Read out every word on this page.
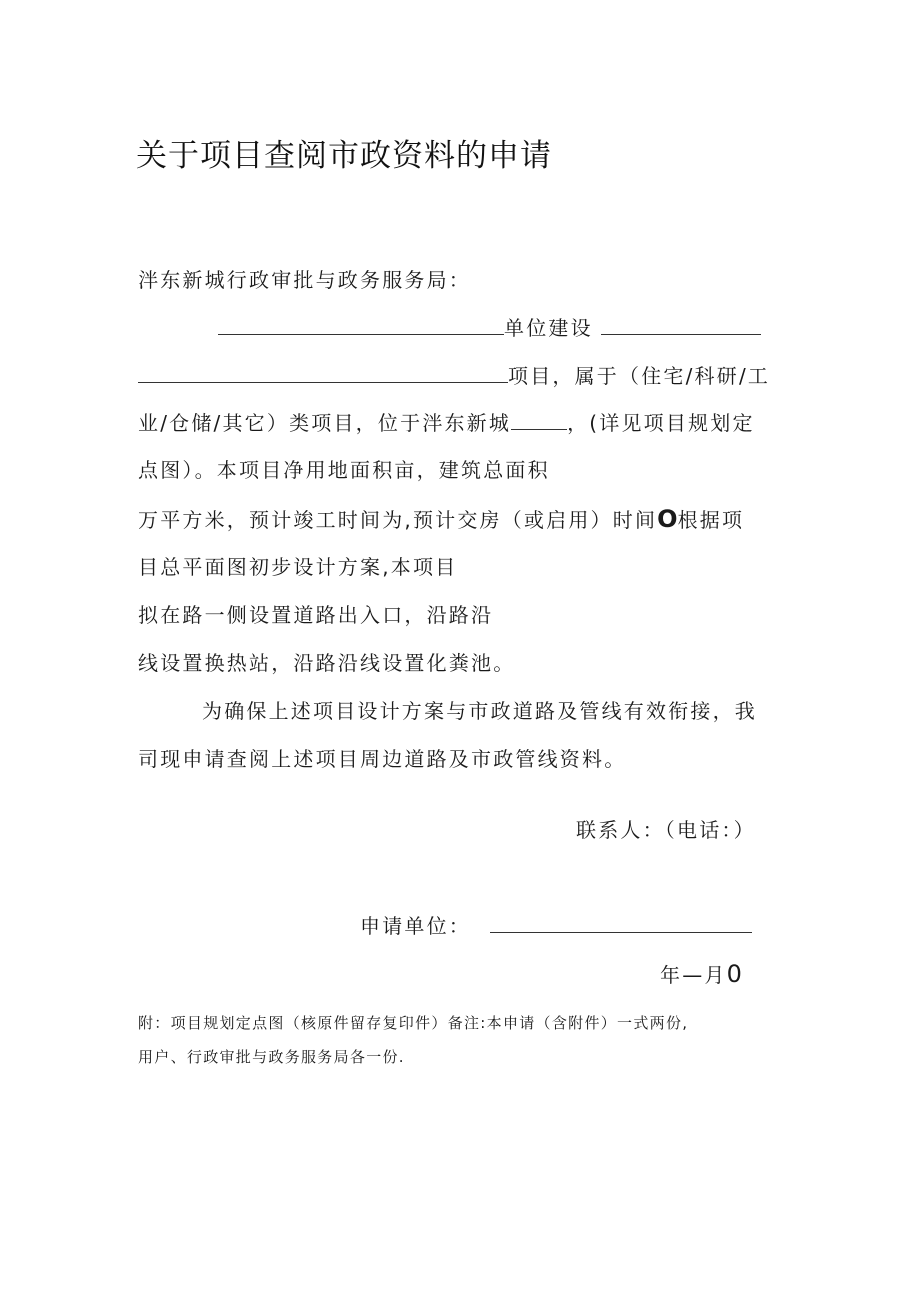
关于项目查阅市政资料的申请
泮东新城行政审批与政务服务局：
单位建设
项目，属于（住宅/科研/工
业/仓储/其它）类项目，位于泮东新城	，(详见项目规划定
点图）。本项目净用地面积亩，建筑总面积
万平方米，预计竣工时间为,预计交房（或启用）时间O根据项
目总平面图初步设计方案,本项目
拟在路一侧设置道路出入口，沿路沿
线设置换热站，沿路沿线设置化粪池。
为确保上述项目设计方案与市政道路及管线有效衔接，我
司现申请查阅上述项目周边道路及市政管线资料。
联系人：（电话：）
申请单位：
年—月0
附：项目规划定点图（核原件留存复印件）备注:本申请（含附件）一式两份,
用户、行政审批与政务服务局各一份.
